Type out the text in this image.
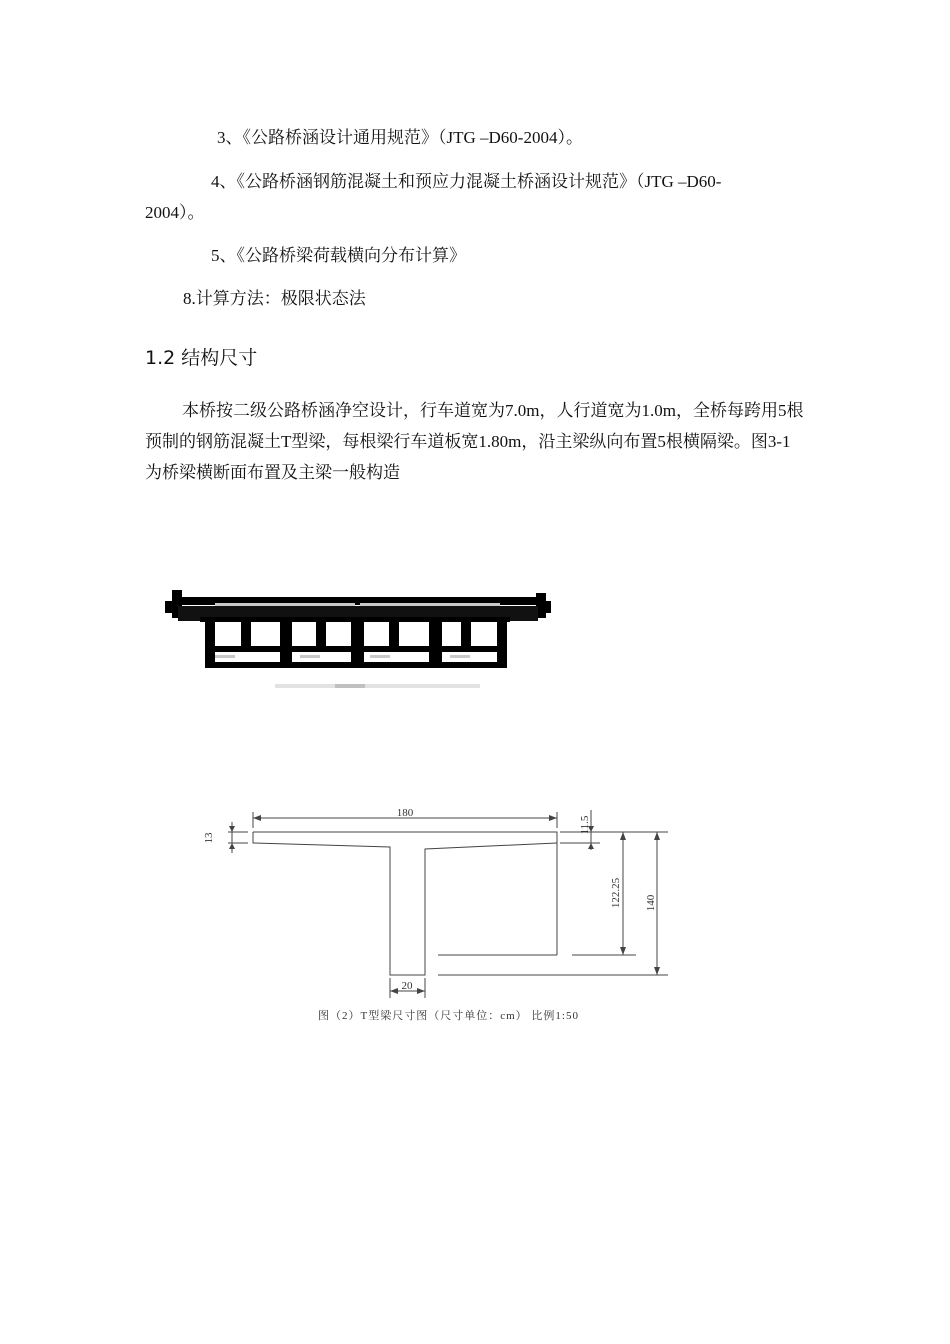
3、《公路桥涵设计通用规范》（JTG –D60-2004）。
4、《公路桥涵钢筋混凝土和预应力混凝土桥涵设计规范》（JTG –D60-
2004）。
5、《公路桥梁荷载横向分布计算》
8.计算方法：极限状态法
1.2 结构尺寸
本桥按二级公路桥涵净空设计，行车道宽为7.0m，人行道宽为1.0m，全桥每跨用5根预制的钢筋混凝土T型梁，每根梁行车道板宽1.80m，沿主梁纵向布置5根横隔梁。图3-1为桥梁横断面布置及主梁一般构造
180
13
11.5
122.25 140
20
图（2）T型梁尺寸图（尺寸单位：cm） 比例1:50
